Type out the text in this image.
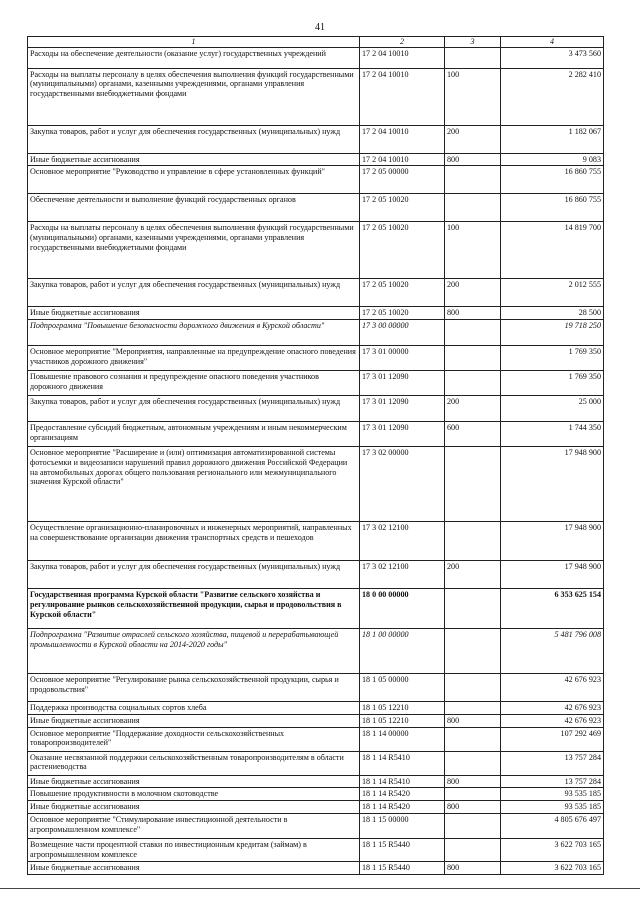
41
1	2	3	4
Расходы на обеспечение деятельности (оказание услуг) государственных учреждений	17 2 04 10010		3 473 560
Расходы на выплаты персоналу в целях обеспечения выполнения функций государственными (муниципальными) органами, казенными учреждениями, органами управления государственными внебюджетными фондами	17 2 04 10010	100	2 282 410
Закупка товаров, работ и услуг для обеспечения государственных (муниципальных) нужд	17 2 04 10010	200	1 182 067
Иные бюджетные ассигнования	17 2 04 10010	800	9 083
Основное мероприятие "Руководство и управление в сфере установленных функций"	17 2 05 00000		16 860 755
Обеспечение деятельности и выполнение функций государственных органов	17 2 05 10020		16 860 755
Расходы на выплаты персоналу в целях обеспечения выполнения функций государственными (муниципальными) органами, казенными учреждениями, органами управления государственными внебюджетными фондами	17 2 05 10020	100	14 819 700
Закупка товаров, работ и услуг для обеспечения государственных (муниципальных) нужд	17 2 05 10020	200	2 012 555
Иные бюджетные ассигнования	17 2 05 10020	800	28 500
Подпрограмма "Повышение безопасности дорожного движения в Курской области"	17 3 00 00000		19 718 250
Основное мероприятие "Мероприятия, направленные на предупреждение опасного поведения участников дорожного движения"	17 3 01 00000		1 769 350
Повышение правового сознания и предупреждение опасного поведения участников дорожного движения	17 3 01 12090		1 769 350
Закупка товаров, работ и услуг для обеспечения государственных (муниципальных) нужд	17 3 01 12090	200	25 000
Предоставление субсидий бюджетным, автономным учреждениям и иным некоммерческим организациям	17 3 01 12090	600	1 744 350
Основное мероприятие "Расширение и (или) оптимизация автоматизированной системы фотосъемки и видеозаписи нарушений правил дорожного движения Российской Федерации на автомобильных дорогах общего пользования регионального или межмуниципального значения Курской области"	17 3 02 00000		17 948 900
Осуществление организационно-планировочных и инженерных мероприятий, направленных на совершенствование организации движения транспортных средств и пешеходов	17 3 02 12100		17 948 900
Закупка товаров, работ и услуг для обеспечения государственных (муниципальных) нужд	17 3 02 12100	200	17 948 900
Государственная программа Курской области "Развитие сельского хозяйства и регулирование рынков сельскохозяйственной продукции, сырья и продовольствия в Курской области"	18 0 00 00000		6 353 625 154
Подпрограмма "Развитие отраслей сельского хозяйства, пищевой и перерабатывающей промышленности в Курской области на 2014-2020 годы"	18 1 00 00000		5 481 796 008
Основное мероприятие "Регулирование рынка сельскохозяйственной продукции, сырья и продовольствия"	18 1 05 00000		42 676 923
Поддержка производства социальных сортов хлеба	18 1 05 12210		42 676 923
Иные бюджетные ассигнования	18 1 05 12210	800	42 676 923
Основное мероприятие "Поддержание доходности сельскохозяйственных товаропроизводителей"	18 1 14 00000		107 292 469
Оказание несвязанной поддержки сельскохозяйственным товаропроизводителям в области растениеводства	18 1 14 R5410		13 757 284
Иные бюджетные ассигнования	18 1 14 R5410	800	13 757 284
Повышение продуктивности в молочном скотоводстве	18 1 14 R5420		93 535 185
Иные бюджетные ассигнования	18 1 14 R5420	800	93 535 185
Основное мероприятие "Стимулирование инвестиционной деятельности в агропромышленном комплексе"	18 1 15 00000		4 805 676 497
Возмещение части процентной ставки по инвестиционным кредитам (займам) в агропромышленном комплексе	18 1 15 R5440		3 622 703 165
Иные бюджетные ассигнования	18 1 15 R5440	800	3 622 703 165
